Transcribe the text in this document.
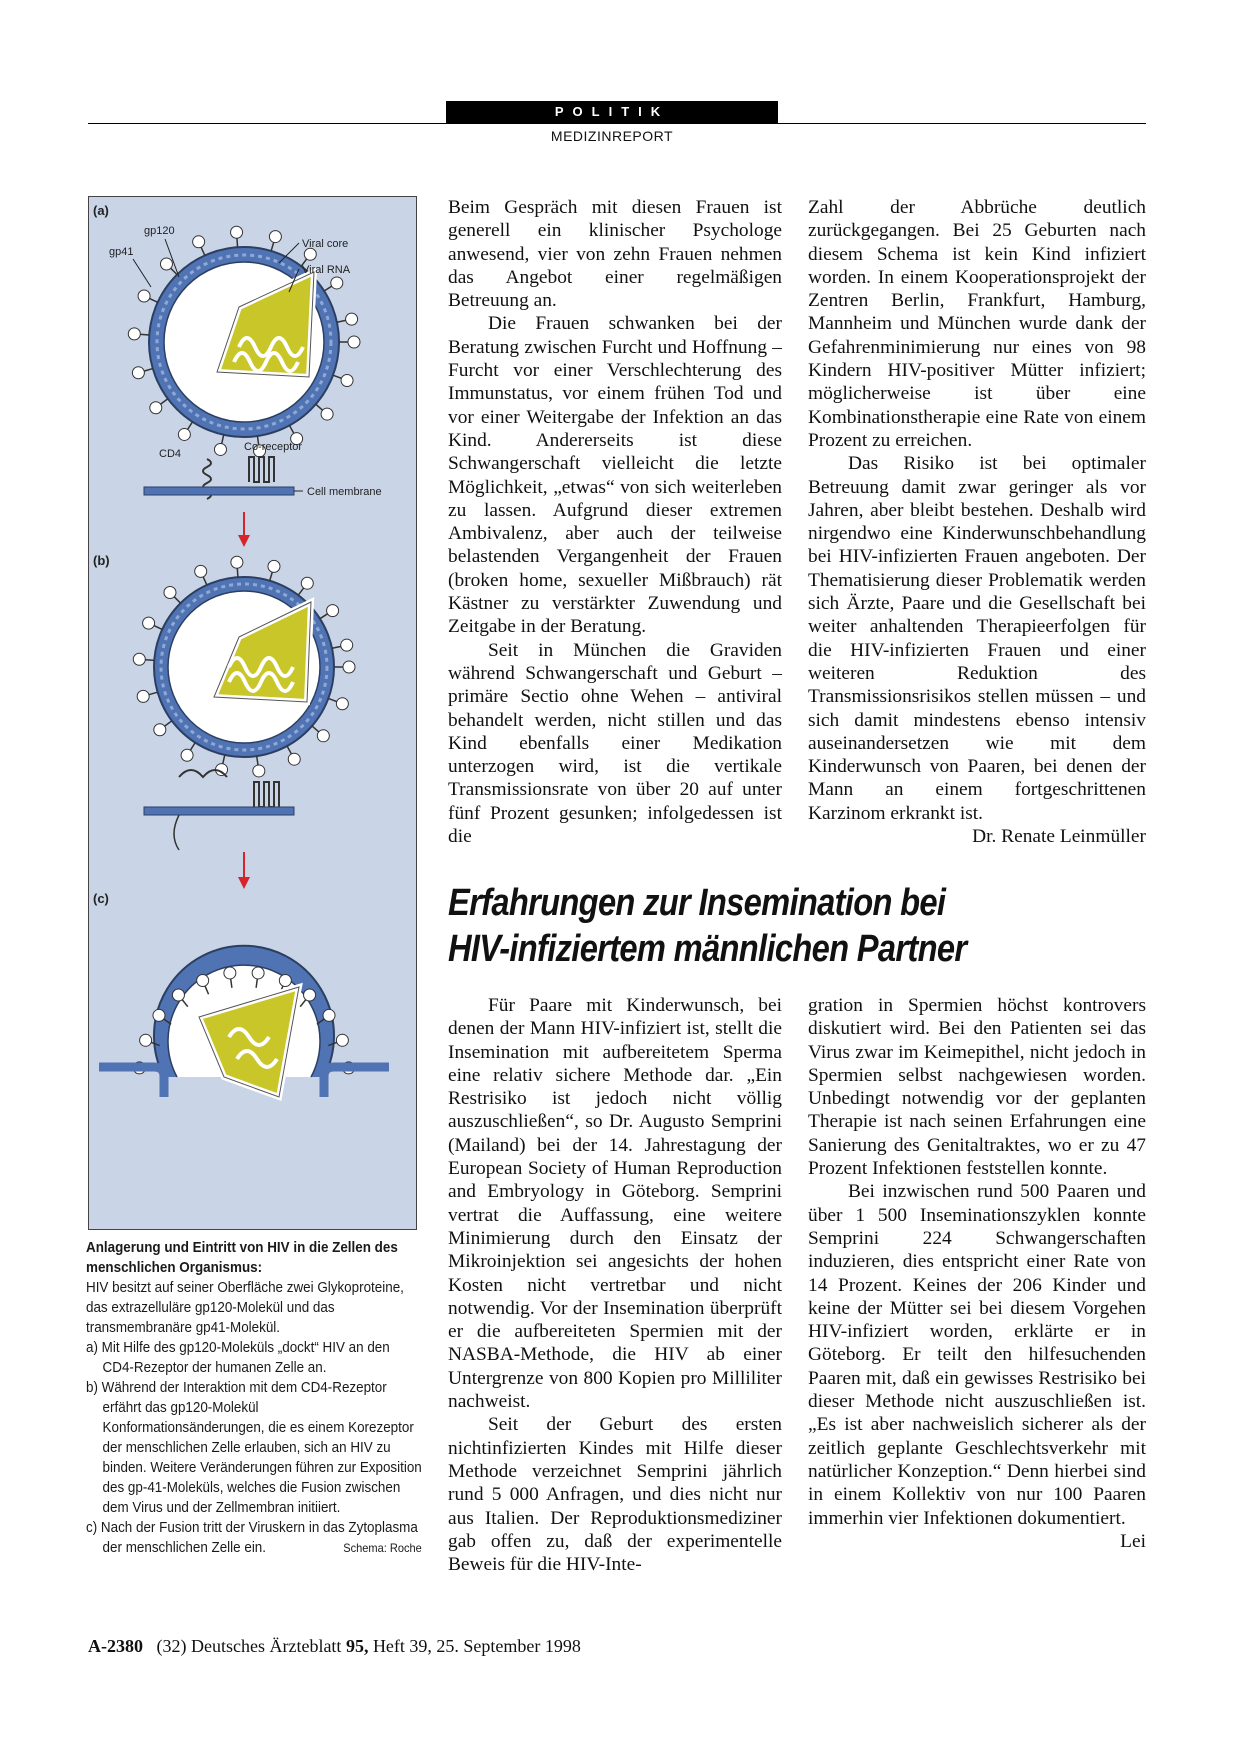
POLITIK
MEDIZINREPORT
(a)
gp120
gp41
Viral core
Viral RNA
CD4
Co-receptor
Cell membrane
(b)
(c)
Anlagerung und Eintritt von HIV in die Zellen des menschlichen Organismus:
HIV besitzt auf seiner Oberfläche zwei Glykoproteine, das extrazelluläre gp120-Molekül und das transmembranäre gp41-Molekül.
a) Mit Hilfe des gp120-Moleküls „dockt“ HIV an den CD4-Rezeptor der humanen Zelle an.
b) Während der Interaktion mit dem CD4-Rezeptor erfährt das gp120-Molekül Konformationsänderungen, die es einem Korezeptor der menschlichen Zelle erlauben, sich an HIV zu binden. Weitere Veränderungen führen zur Exposition des gp-41-Moleküls, welches die Fusion zwischen dem Virus und der Zellmembran initiiert.
c) Nach der Fusion tritt der Viruskern in das Zytoplasma der menschlichen Zelle ein.	Schema: Roche

Beim Gespräch mit diesen Frauen ist generell ein klinischer Psychologe anwesend, vier von zehn Frauen nehmen das Angebot einer regelmäßigen Betreuung an.

Die Frauen schwanken bei der Beratung zwischen Furcht und Hoffnung – Furcht vor einer Verschlechterung des Immunstatus, vor einem frühen Tod und vor einer Weitergabe der Infektion an das Kind. Andererseits ist diese Schwangerschaft vielleicht die letzte Möglichkeit, „etwas“ von sich weiterleben zu lassen. Aufgrund dieser extremen Ambivalenz, aber auch der teilweise belastenden Vergangenheit der Frauen (broken home, sexueller Mißbrauch) rät Kästner zu verstärkter Zuwendung und Zeitgabe in der Beratung.

Seit in München die Graviden während Schwangerschaft und Geburt – primäre Sectio ohne Wehen – antiviral behandelt werden, nicht stillen und das Kind ebenfalls einer Medikation unterzogen wird, ist die vertikale Transmissionsrate von über 20 auf unter fünf Prozent gesunken; infolgedessen ist die

Zahl der Abbrüche deutlich zurückgegangen. Bei 25 Geburten nach diesem Schema ist kein Kind infiziert worden. In einem Kooperationsprojekt der Zentren Berlin, Frankfurt, Hamburg, Mannheim und München wurde dank der Gefahrenminimierung nur eines von 98 Kindern HIV-positiver Mütter infiziert; möglicherweise ist über eine Kombinationstherapie eine Rate von einem Prozent zu erreichen.

Das Risiko ist bei optimaler Betreuung damit zwar geringer als vor Jahren, aber bleibt bestehen. Deshalb wird nirgendwo eine Kinderwunschbehandlung bei HIV-infizierten Frauen angeboten. Der Thematisierung dieser Problematik werden sich Ärzte, Paare und die Gesellschaft bei weiter anhaltenden Therapieerfolgen für die HIV-infizierten Frauen und einer weiteren Reduktion des Transmissionsrisikos stellen müssen – und sich damit mindestens ebenso intensiv auseinandersetzen wie mit dem Kinderwunsch von Paaren, bei denen der Mann an einem fortgeschrittenen Karzinom erkrankt ist.

Dr. Renate Leinmüller
Erfahrungen zur Insemination bei
HIV-infiziertem männlichen Partner

Für Paare mit Kinderwunsch, bei denen der Mann HIV-infiziert ist, stellt die Insemination mit aufbereitetem Sperma eine relativ sichere Methode dar. „Ein Restrisiko ist jedoch nicht völlig auszuschließen“, so Dr. Augusto Semprini (Mailand) bei der 14. Jahrestagung der European Society of Human Reproduction and Embryology in Göteborg. Semprini vertrat die Auffassung, eine weitere Minimierung durch den Einsatz der Mikroinjektion sei angesichts der hohen Kosten nicht vertretbar und nicht notwendig. Vor der Insemination überprüft er die aufbereiteten Spermien mit der NASBA-Methode, die HIV ab einer Untergrenze von 800 Kopien pro Milliliter nachweist.

Seit der Geburt des ersten nichtinfizierten Kindes mit Hilfe dieser Methode verzeichnet Semprini jährlich rund 5 000 Anfragen, und dies nicht nur aus Italien. Der Reproduktionsmediziner gab offen zu, daß der experimentelle Beweis für die HIV-Inte-

gration in Spermien höchst kontrovers diskutiert wird. Bei den Patienten sei das Virus zwar im Keimepithel, nicht jedoch in Spermien selbst nachgewiesen worden. Unbedingt notwendig vor der geplanten Therapie ist nach seinen Erfahrungen eine Sanierung des Genitaltraktes, wo er zu 47 Prozent Infektionen feststellen konnte.

Bei inzwischen rund 500 Paaren und über 1 500 Inseminationszyklen konnte Semprini 224 Schwangerschaften induzieren, dies entspricht einer Rate von 14 Prozent. Keines der 206 Kinder und keine der Mütter sei bei diesem Vorgehen HIV-infiziert worden, erklärte er in Göteborg. Er teilt den hilfesuchenden Paaren mit, daß ein gewisses Restrisiko bei dieser Methode nicht auszuschließen ist. „Es ist aber nachweislich sicherer als der zeitlich geplante Geschlechtsverkehr mit natürlicher Konzeption.“ Denn hierbei sind in einem Kollektiv von nur 100 Paaren immerhin vier Infektionen dokumentiert.

Lei
A-2380 (32) Deutsches Ärzteblatt 95, Heft 39, 25. September 1998
